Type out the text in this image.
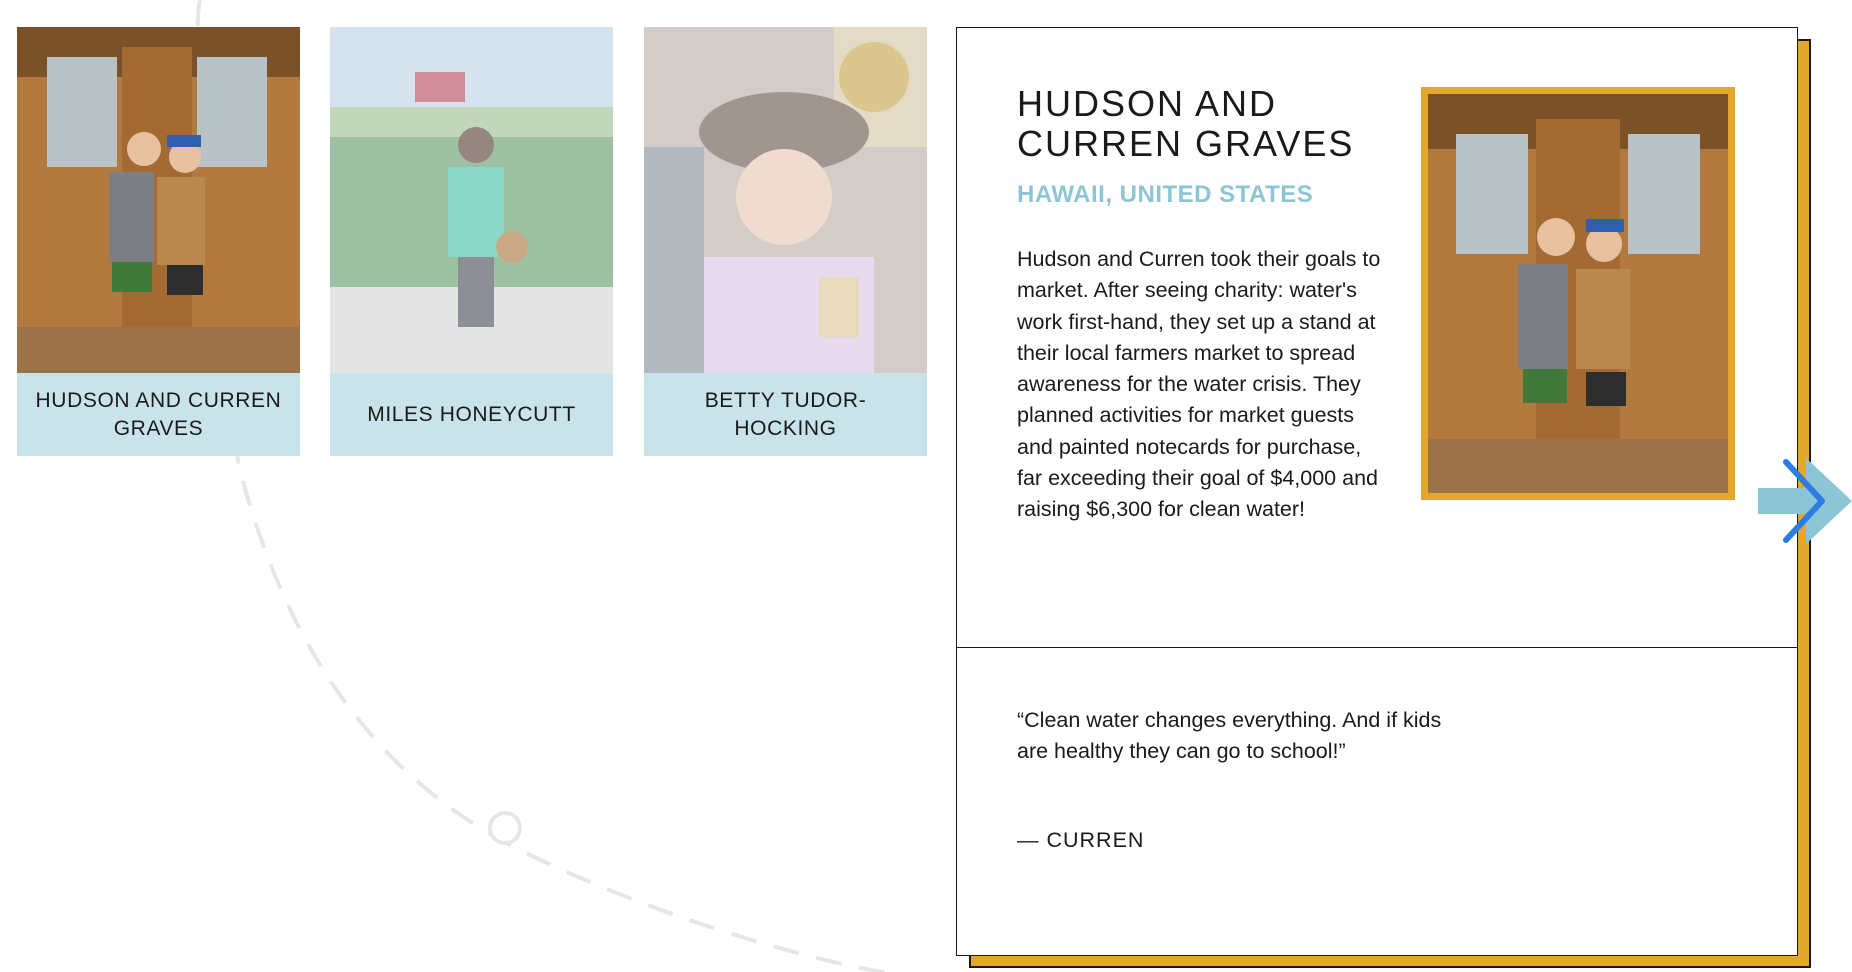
HUDSON AND CURREN GRAVES
MILES HONEYCUTT
BETTY TUDOR-HOCKING
HUDSON AND CURREN GRAVES
HAWAII, UNITED STATES
Hudson and Curren took their goals to market. After seeing charity: water's work first-hand, they set up a stand at their local farmers market to spread awareness for the water crisis. They planned activities for market guests and painted notecards for purchase, far exceeding their goal of $4,000 and raising $6,300 for clean water!
“Clean water changes everything. And if kids are healthy they can go to school!”
— CURREN
